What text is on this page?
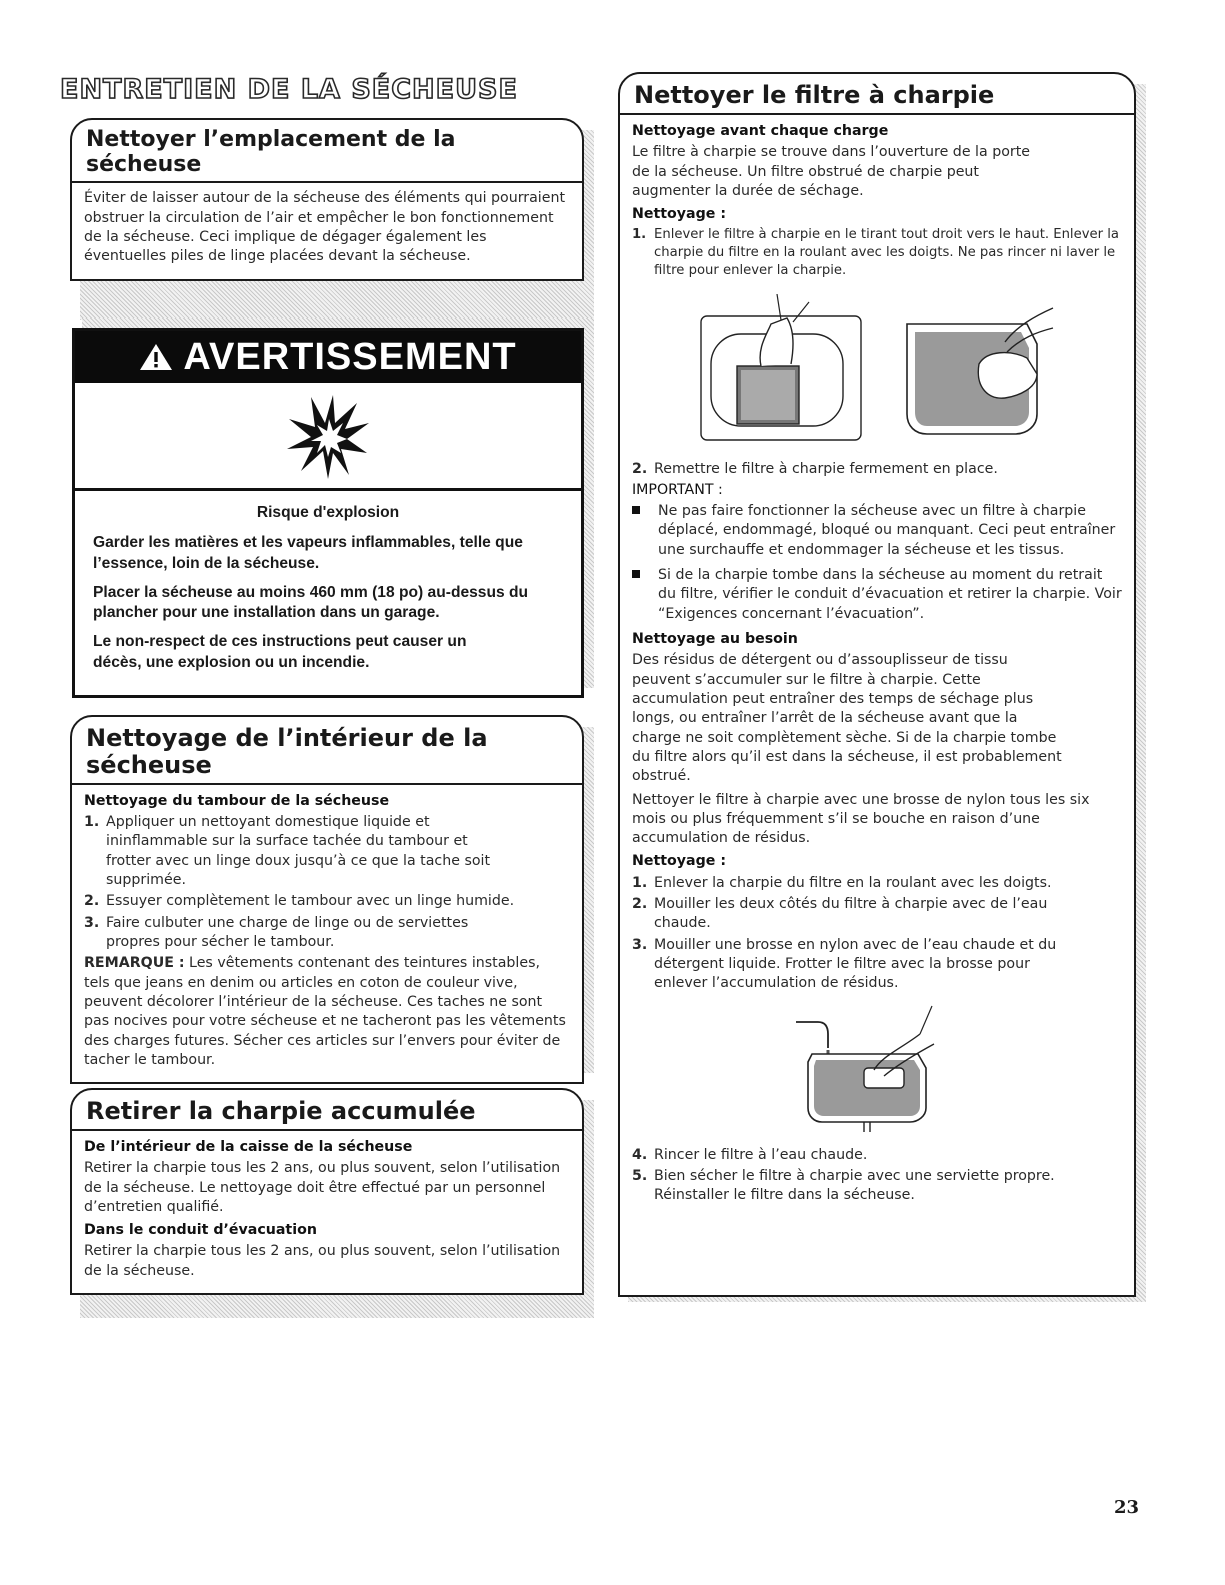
ENTRETIEN DE LA SÉCHEUSE
Nettoyer l’emplacement de la sécheuse
Éviter de laisser autour de la sécheuse des éléments qui pourraient obstruer la circulation de l’air et empêcher le bon fonctionnement de la sécheuse. Ceci implique de dégager également les éventuelles piles de linge placées devant la sécheuse.
AVERTISSEMENT
Risque d'explosion

Garder les matières et les vapeurs inflammables, telle que l’essence, loin de la sécheuse.

Placer la sécheuse au moins 460 mm (18 po) au-dessus du plancher pour une installation dans un garage.

Le non-respect de ces instructions peut causer un décès, une explosion ou un incendie.

Nettoyage de l’intérieur de la sécheuse
Nettoyage du tambour de la sécheuse
1. Appliquer un nettoyant domestique liquide et ininflammable sur la surface tachée du tambour et frotter avec un linge doux jusqu’à ce que la tache soit supprimée.
2. Essuyer complètement le tambour avec un linge humide.
3. Faire culbuter une charge de linge ou de serviettes propres pour sécher le tambour.
REMARQUE : Les vêtements contenant des teintures instables, tels que jeans en denim ou articles en coton de couleur vive, peuvent décolorer l’intérieur de la sécheuse. Ces taches ne sont pas nocives pour votre sécheuse et ne tacheront pas les vêtements des charges futures. Sécher ces articles sur l’envers pour éviter de tacher le tambour.
Retirer la charpie accumulée
De l’intérieur de la caisse de la sécheuse
Retirer la charpie tous les 2 ans, ou plus souvent, selon l’utilisation de la sécheuse. Le nettoyage doit être effectué par un personnel d’entretien qualifié.
Dans le conduit d’évacuation
Retirer la charpie tous les 2 ans, ou plus souvent, selon l’utilisation de la sécheuse.
Nettoyer le filtre à charpie
Nettoyage avant chaque charge
Le filtre à charpie se trouve dans l’ouverture de la porte de la sécheuse. Un filtre obstrué de charpie peut augmenter la durée de séchage.
Nettoyage :
1. Enlever le filtre à charpie en le tirant tout droit vers le haut. Enlever la charpie du filtre en la roulant avec les doigts. Ne pas rincer ni laver le filtre pour enlever la charpie.
2. Remettre le filtre à charpie fermement en place.
IMPORTANT :
Ne pas faire fonctionner la sécheuse avec un filtre à charpie déplacé, endommagé, bloqué ou manquant. Ceci peut entraîner une surchauffe et endommager la sécheuse et les tissus.
Si de la charpie tombe dans la sécheuse au moment du retrait du filtre, vérifier le conduit d’évacuation et retirer la charpie. Voir “Exigences concernant l’évacuation”.
Nettoyage au besoin
Des résidus de détergent ou d’assouplisseur de tissu peuvent s’accumuler sur le filtre à charpie. Cette accumulation peut entraîner des temps de séchage plus longs, ou entraîner l’arrêt de la sécheuse avant que la charge ne soit complètement sèche. Si de la charpie tombe du filtre alors qu’il est dans la sécheuse, il est probablement obstrué.
Nettoyer le filtre à charpie avec une brosse de nylon tous les six mois ou plus fréquemment s’il se bouche en raison d’une accumulation de résidus.
Nettoyage :
1. Enlever la charpie du filtre en la roulant avec les doigts.
2. Mouiller les deux côtés du filtre à charpie avec de l’eau chaude.
3. Mouiller une brosse en nylon avec de l’eau chaude et du détergent liquide. Frotter le filtre avec la brosse pour enlever l’accumulation de résidus.
4. Rincer le filtre à l’eau chaude.
5. Bien sécher le filtre à charpie avec une serviette propre. Réinstaller le filtre dans la sécheuse.
23
